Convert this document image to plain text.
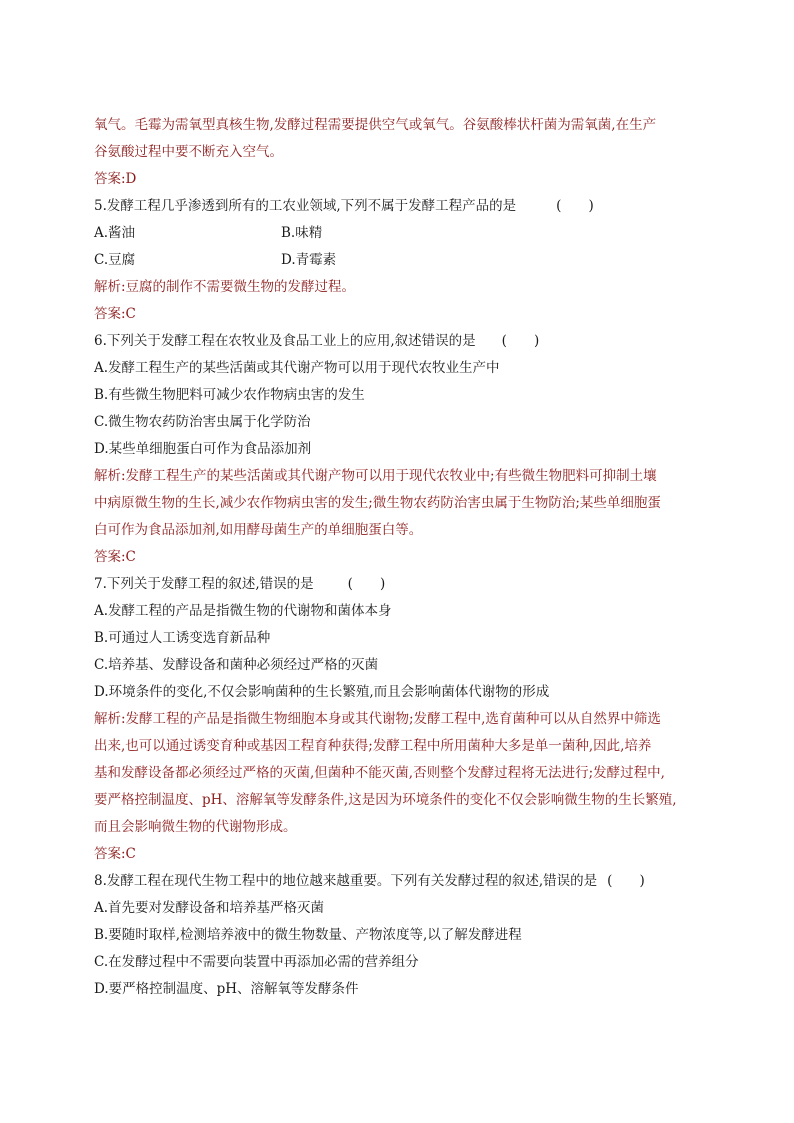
氧气。毛霉为需氧型真核生物,发酵过程需要提供空气或氧气。谷氨酸棒状杆菌为需氧菌,在生产
谷氨酸过程中要不断充入空气。
答案:D
5.发酵工程几乎渗透到所有的工农业领域,下列不属于发酵工程产品的是	(　　)
A.酱油	B.味精
C.豆腐	D.青霉素
解析:豆腐的制作不需要微生物的发酵过程。
答案:C
6.下列关于发酵工程在农牧业及食品工业上的应用,叙述错误的是 (　　)
A.发酵工程生产的某些活菌或其代谢产物可以用于现代农牧业生产中
B.有些微生物肥料可减少农作物病虫害的发生
C.微生物农药防治害虫属于化学防治
D.某些单细胞蛋白可作为食品添加剂
解析:发酵工程生产的某些活菌或其代谢产物可以用于现代农牧业中;有些微生物肥料可抑制土壤
中病原微生物的生长,减少农作物病虫害的发生;微生物农药防治害虫属于生物防治;某些单细胞蛋
白可作为食品添加剂,如用酵母菌生产的单细胞蛋白等。
答案:C
7.下列关于发酵工程的叙述,错误的是	(　　)
A.发酵工程的产品是指微生物的代谢物和菌体本身
B.可通过人工诱变选育新品种
C.培养基、发酵设备和菌种必须经过严格的灭菌
D.环境条件的变化,不仅会影响菌种的生长繁殖,而且会影响菌体代谢物的形成
解析:发酵工程的产品是指微生物细胞本身或其代谢物;发酵工程中,选育菌种可以从自然界中筛选
出来,也可以通过诱变育种或基因工程育种获得;发酵工程中所用菌种大多是单一菌种,因此,培养
基和发酵设备都必须经过严格的灭菌,但菌种不能灭菌,否则整个发酵过程将无法进行;发酵过程中,
要严格控制温度、pH、溶解氧等发酵条件,这是因为环境条件的变化不仅会影响微生物的生长繁殖,
而且会影响微生物的代谢物形成。
答案:C
8.发酵工程在现代生物工程中的地位越来越重要。下列有关发酵过程的叙述,错误的是 (　　)
A.首先要对发酵设备和培养基严格灭菌
B.要随时取样,检测培养液中的微生物数量、产物浓度等,以了解发酵进程
C.在发酵过程中不需要向装置中再添加必需的营养组分
D.要严格控制温度、pH、溶解氧等发酵条件
